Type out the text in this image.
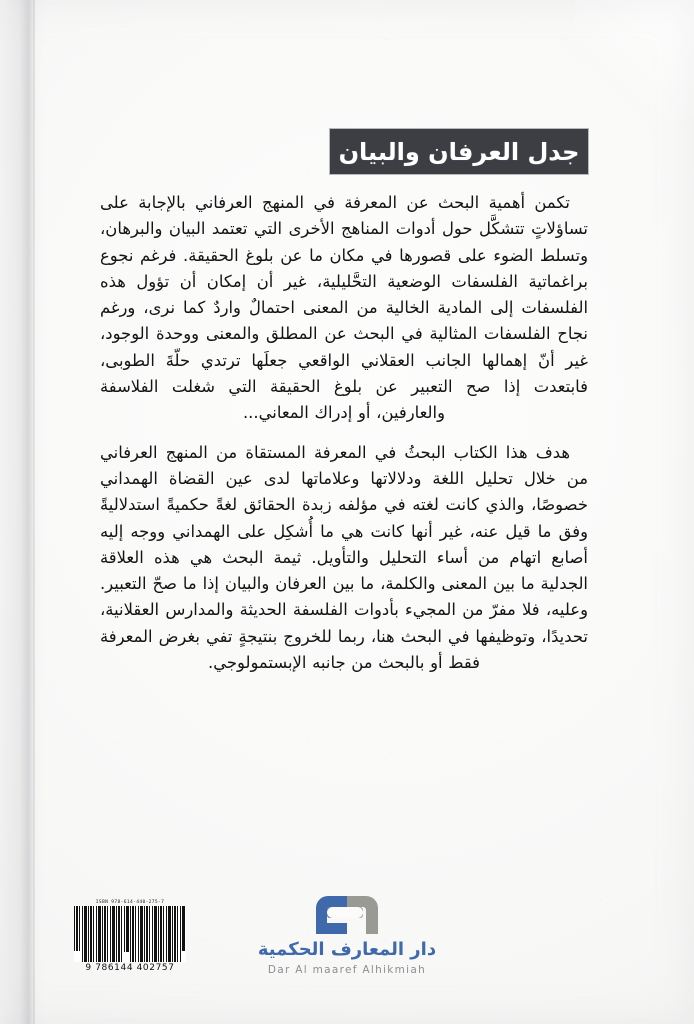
جدل العرفان والبيان

تكمن أهمية البحث عن المعرفة في المنهج العرفاني بالإجابة على تساؤلاتٍ تتشكَّل حول أدوات المناهج الأخرى التي تعتمد البيان والبرهان، وتسلط الضوء على قصورها في مكان ما عن بلوغ الحقيقة. فرغم نجوع براغماتية الفلسفات الوضعية التحَّليلية، غير أن إمكان أن تؤول هذه الفلسفات إلى المادية الخالية من المعنى احتمالٌ واردٌ كما نرى، ورغم نجاح الفلسفات المثالية في البحث عن المطلق والمعنى ووحدة الوجود، غير أنّ إهمالها الجانب العقلاني الواقعي جعلَها ترتدي حلّةَ الطوبى، فابتعدت إذا صح التعبير عن بلوغ الحقيقة التي شغلت الفلاسفة والعارفين، أو إدراك المعاني...

هدف هذا الكتاب البحثُ في المعرفة المستقاة من المنهج العرفاني من خلال تحليل اللغة ودلالاتها وعلاماتها لدى عين القضاة الهمداني خصوصًا، والذي كانت لغته في مؤلفه زبدة الحقائق لغةً حكميةً استدلاليةً وفق ما قيل عنه، غير أنها كانت هي ما أُشكِل على الهمداني ووجه إليه أصابع اتهام من أساء التحليل والتأويل. ثيمة البحث هي هذه العلاقة الجدلية ما بين المعنى والكلمة، ما بين العرفان والبيان إذا ما صحّ التعبير. وعليه، فلا مفرّ من المجيء بأدوات الفلسفة الحديثة والمدارس العقلانية، تحديدًا، وتوظيفها في البحث هنا، ربما للخروج بنتيجةٍ تفي بغرض المعرفة فقط أو بالبحث من جانبه الإبستمولوجي.

ISBN 978-614-440-275-7
9 786144 402757
دار المعارف الحكمية
Dar Al maaref Alhikmiah
